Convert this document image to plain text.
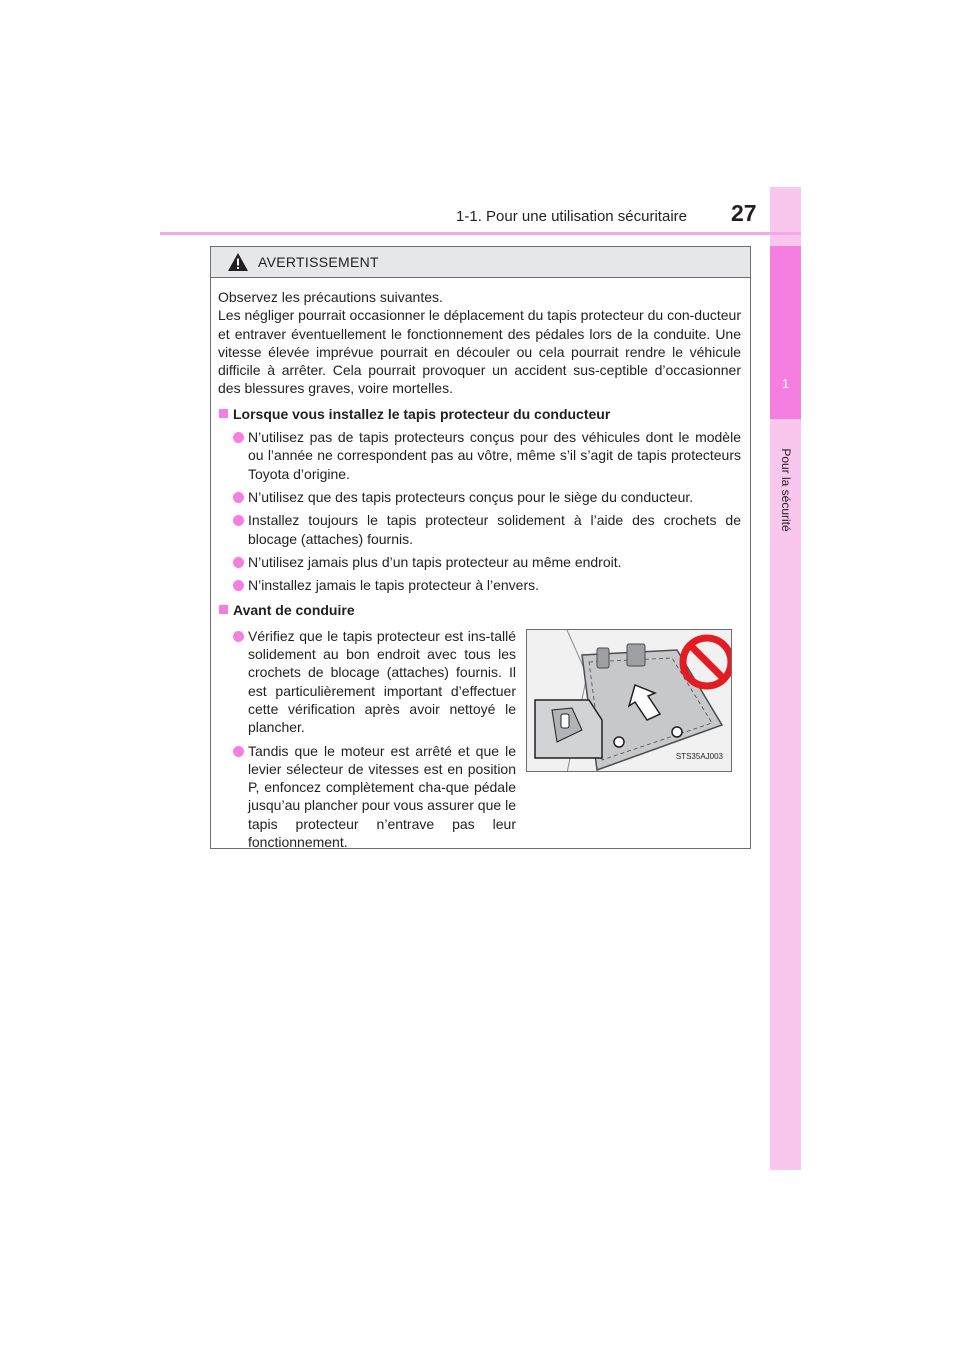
1
Pour la sécurité
1-1. Pour une utilisation sécuritaire 27
AVERTISSEMENT

Observez les précautions suivantes.

Les négliger pourrait occasionner le déplacement du tapis protecteur du con-ducteur et entraver éventuellement le fonctionnement des pédales lors de la conduite. Une vitesse élevée imprévue pourrait en découler ou cela pourrait rendre le véhicule difficile à arrêter. Cela pourrait provoquer un accident sus-ceptible d’occasionner des blessures graves, voire mortelles.

Lorsque vous installez le tapis protecteur du conducteur
N’utilisez pas de tapis protecteurs conçus pour des véhicules dont le modèle ou l’année ne correspondent pas au vôtre, même s’il s’agit de tapis protecteurs Toyota d’origine.
N’utilisez que des tapis protecteurs conçus pour le siège du conducteur.
Installez toujours le tapis protecteur solidement à l’aide des crochets de blocage (attaches) fournis.
N’utilisez jamais plus d’un tapis protecteur au même endroit.
N’installez jamais le tapis protecteur à l’envers.
Avant de conduire
Vérifiez que le tapis protecteur est ins-tallé solidement au bon endroit avec tous les crochets de blocage (attaches) fournis. Il est particulièrement important d’effectuer cette vérification après avoir nettoyé le plancher.
Tandis que le moteur est arrêté et que le levier sélecteur de vitesses est en position P, enfoncez complètement cha-que pédale jusqu’au plancher pour vous assurer que le tapis protecteur n’entrave pas leur fonctionnement.
STS35AJ003
